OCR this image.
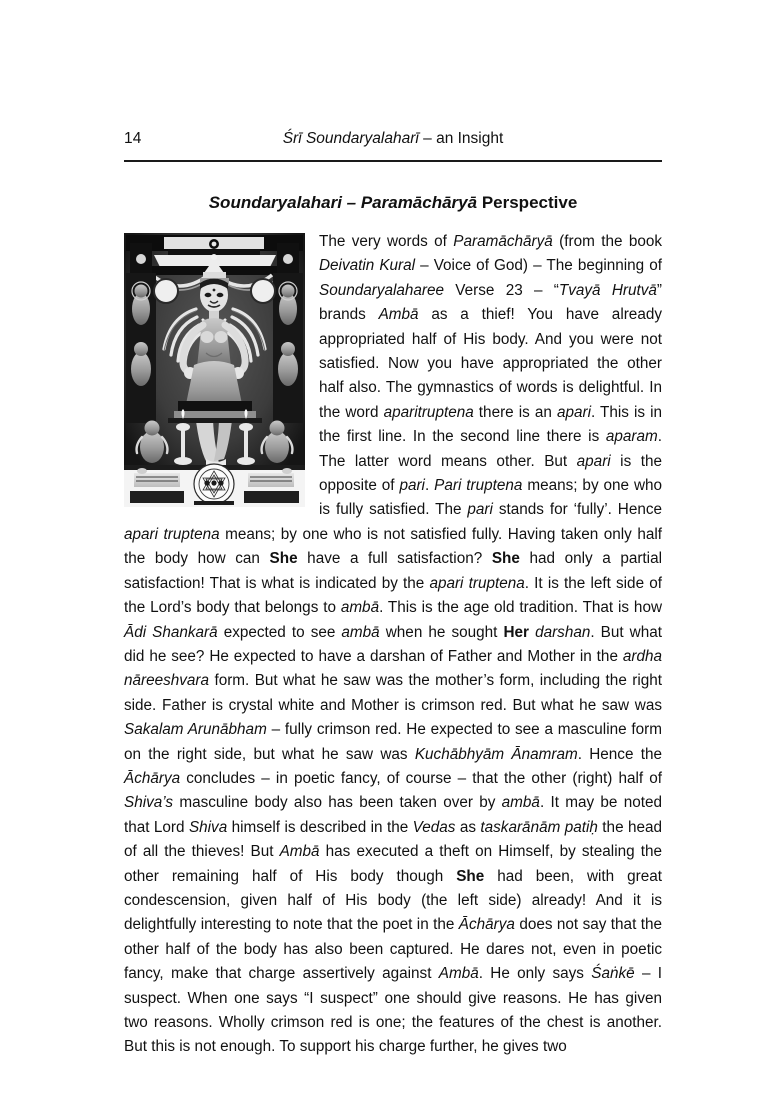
14	Śrī Soundaryalaharī – an Insight
Soundaryalahari – Paramāchāryā Perspective

The very words of Paramāchāryā (from the book Deivatin Kural – Voice of God) – The beginning of Soundaryalaharee Verse 23 – “Tvayā Hrutvā” brands Ambā as a thief! You have already appropriated half of His body. And you were not satisfied. Now you have appropriated the other half also. The gymnastics of words is delightful. In the word aparitruptena there is an apari. This is in the first line. In the second line there is aparam. The latter word means other. But apari is the opposite of pari. Pari truptena means; by one who is fully satisfied. The pari stands for ‘fully’. Hence apari truptena means; by one who is not satisfied fully. Having taken only half the body how can She have a full satisfaction? She had only a partial satisfaction! That is what is indicated by the apari truptena. It is the left side of the Lord’s body that belongs to ambā. This is the age old tradition. That is how Ādi Shankarā expected to see ambā when he sought Her darshan. But what did he see? He expected to have a darshan of Father and Mother in the ardha nāreeshvara form. But what he saw was the mother’s form, including the right side. Father is crystal white and Mother is crimson red. But what he saw was Sakalam Arunābham – fully crimson red. He expected to see a masculine form on the right side, but what he saw was Kuchābhyām Ānamram. Hence the Āchārya concludes – in poetic fancy, of course – that the other (right) half of Shiva’s masculine body also has been taken over by ambā. It may be noted that Lord Shiva himself is described in the Vedas as taskarānām patiḥ the head of all the thieves! But Ambā has executed a theft on Himself, by stealing the other remaining half of His body though She had been, with great condescension, given half of His body (the left side) already! And it is delightfully interesting to note that the poet in the Āchārya does not say that the other half of the body has also been captured. He dares not, even in poetic fancy, make that charge assertively against Ambā. He only says Śaṅkē – I suspect. When one says “I suspect” one should give reasons. He has given two reasons. Wholly crimson red is one; the features of the chest is another. But this is not enough. To support his charge further, he gives two
